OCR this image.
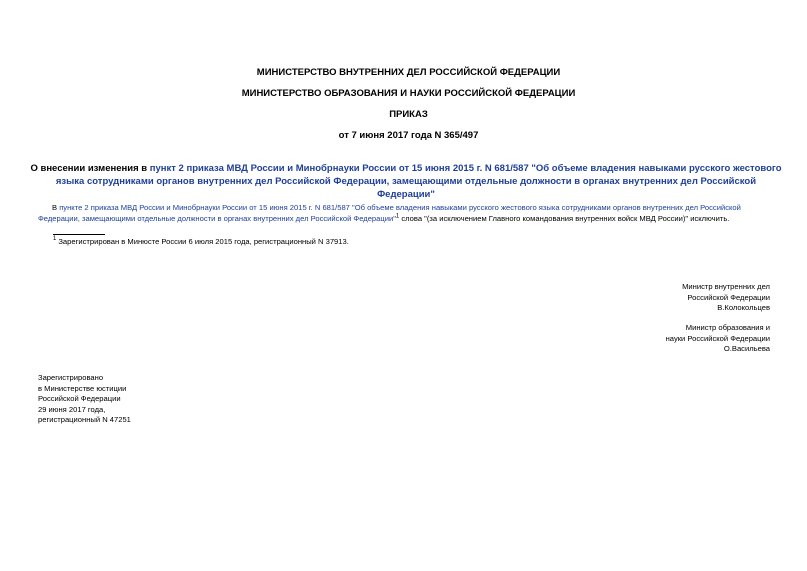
МИНИСТЕРСТВО ВНУТРЕННИХ ДЕЛ РОССИЙСКОЙ ФЕДЕРАЦИИ
МИНИСТЕРСТВО ОБРАЗОВАНИЯ И НАУКИ РОССИЙСКОЙ ФЕДЕРАЦИИ
ПРИКАЗ
от 7 июня 2017 года N 365/497
О внесении изменения в пункт 2 приказа МВД России и Минобрнауки России от 15 июня 2015 г. N 681/587 "Об объеме владения навыками русского жестового языка сотрудниками органов внутренних дел Российской Федерации, замещающими отдельные должности в органах внутренних дел Российской Федерации"
В пункте 2 приказа МВД России и Минобрнауки России от 15 июня 2015 г. N 681/587 "Об объеме владения навыками русского жестового языка сотрудниками органов внутренних дел Российской Федерации, замещающими отдельные должности в органах внутренних дел Российской Федерации"$^1$ слова "(за исключением Главного командования внутренних войск МВД России)" исключить.
$^1$ Зарегистрирован в Минюсте России 6 июля 2015 года, регистрационный N 37913.
Министр внутренних дел
Российской Федерации
В.Колокольцев
Министр образования и
науки Российской Федерации
О.Васильева
Зарегистрировано
в Министерстве юстиции
Российской Федерации
29 июня 2017 года,
регистрационный N 47251
